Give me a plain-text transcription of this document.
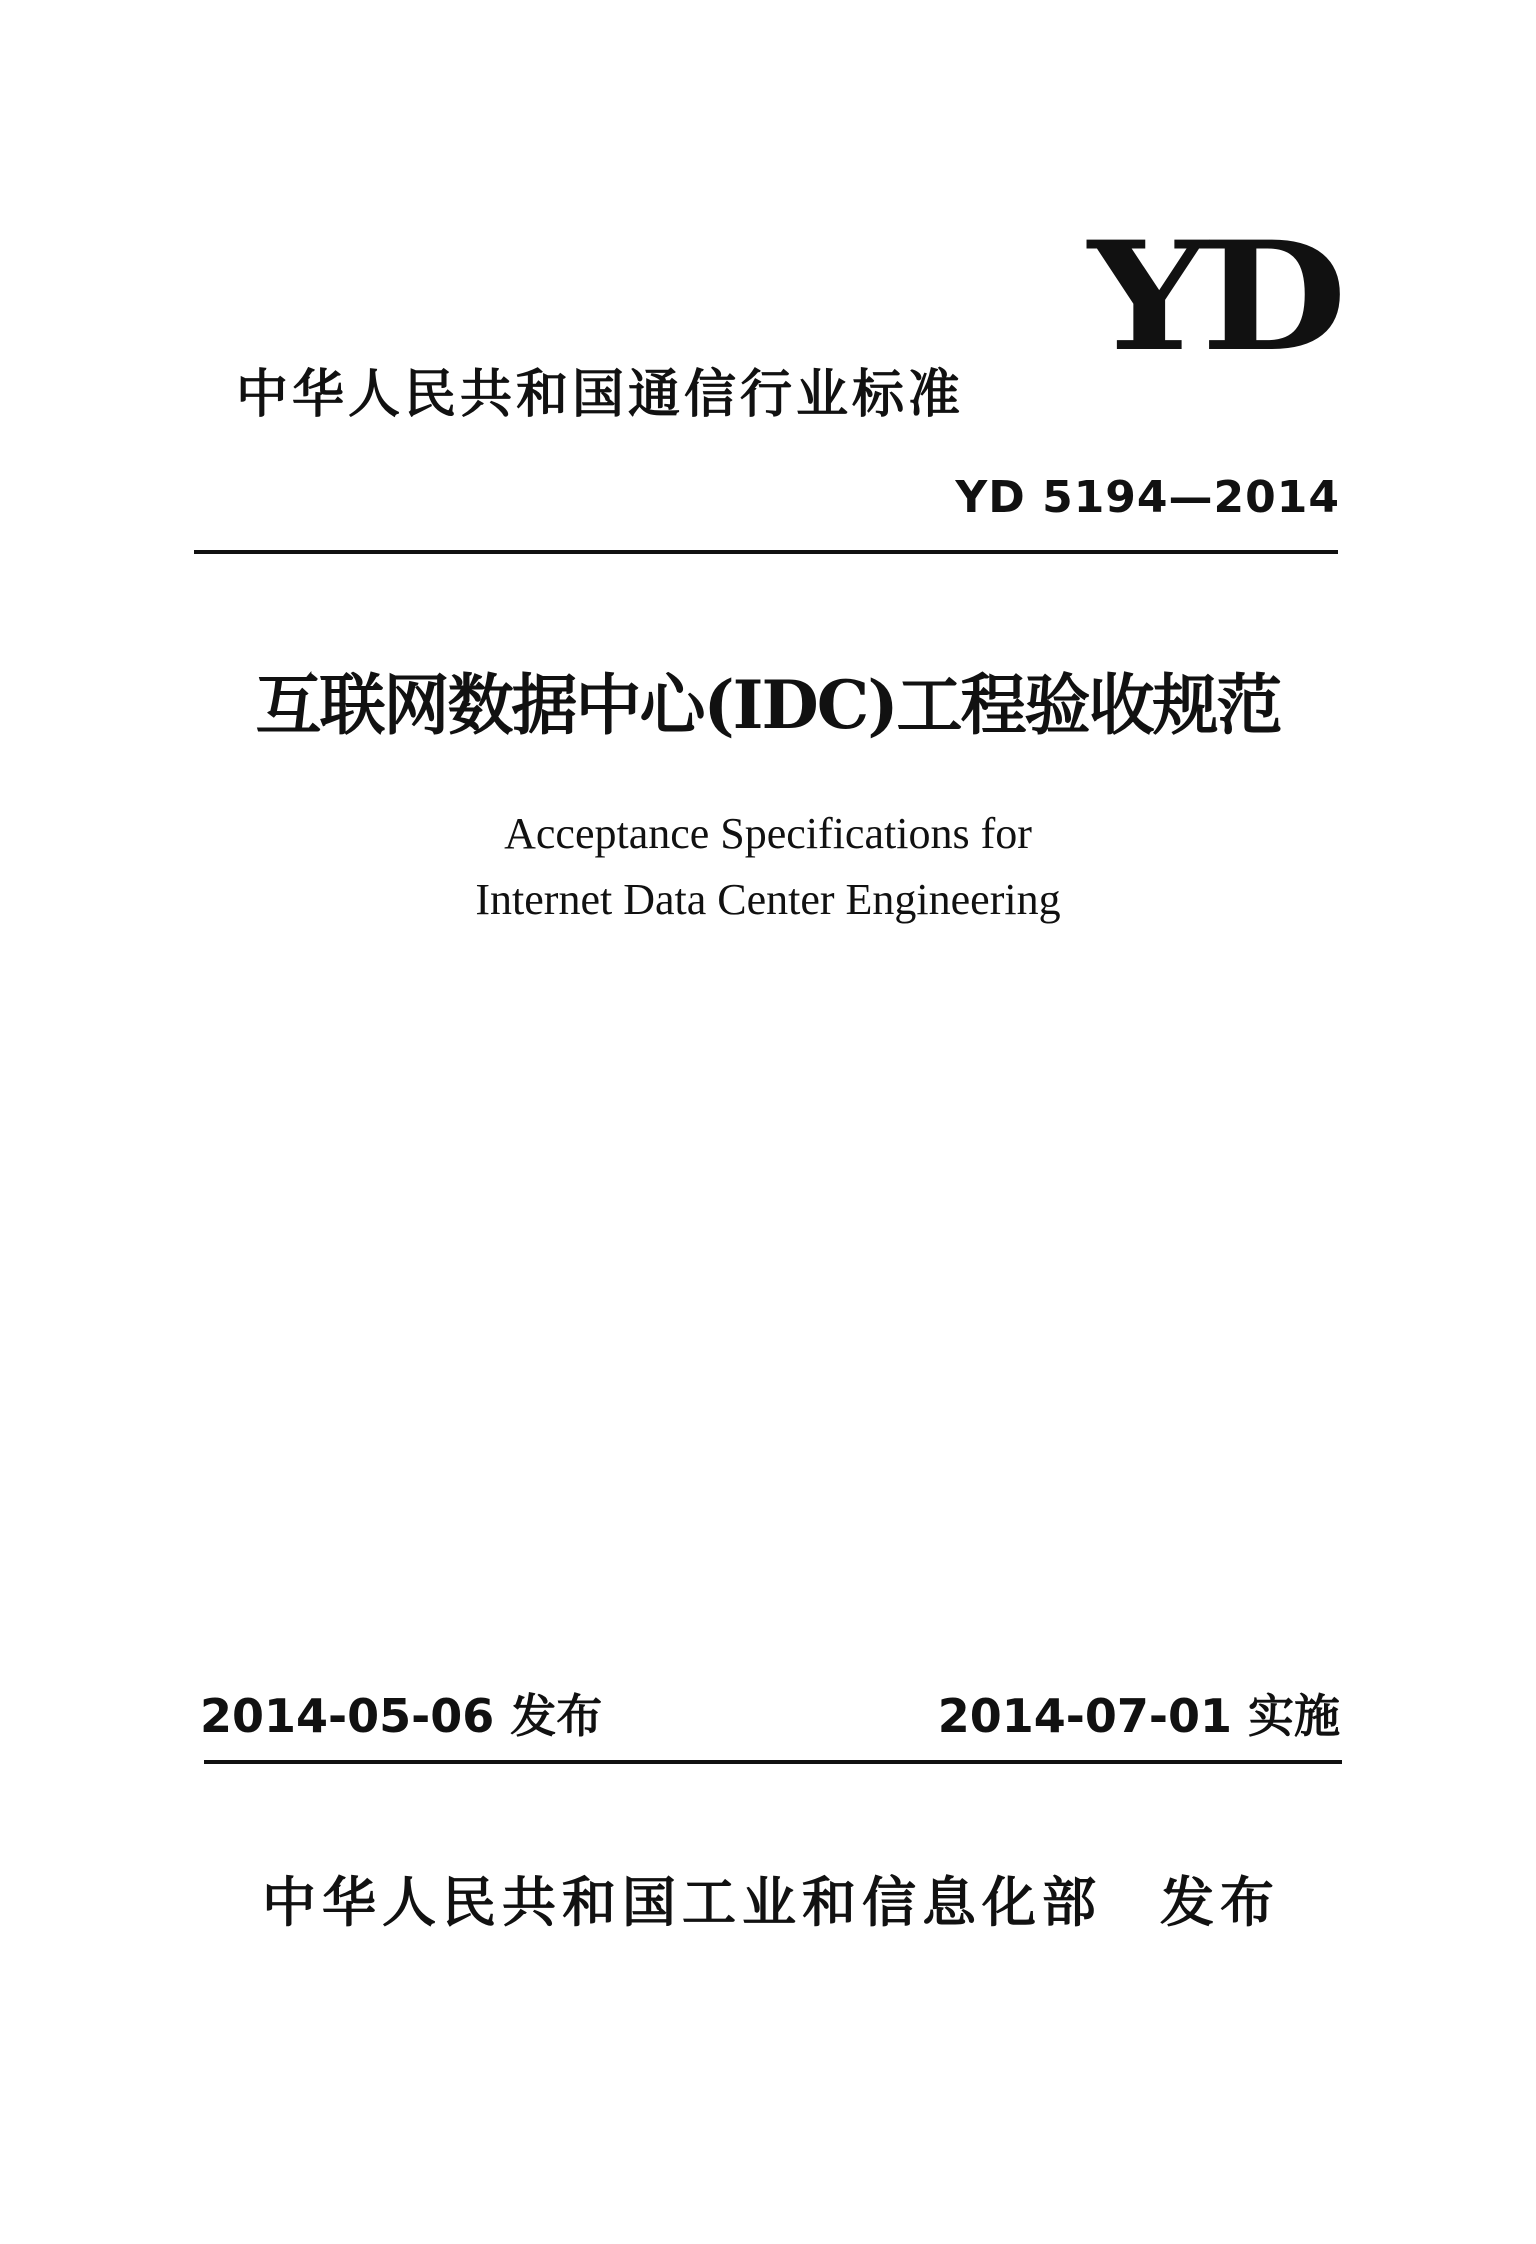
中华人民共和国通信行业标准
YD
YD 5194—2014
互联网数据中心(IDC)工程验收规范
Acceptance Specifications for
Internet Data Center Engineering
2014-05-06 发布	2014-07-01 实施
中华人民共和国工业和信息化部 发布
